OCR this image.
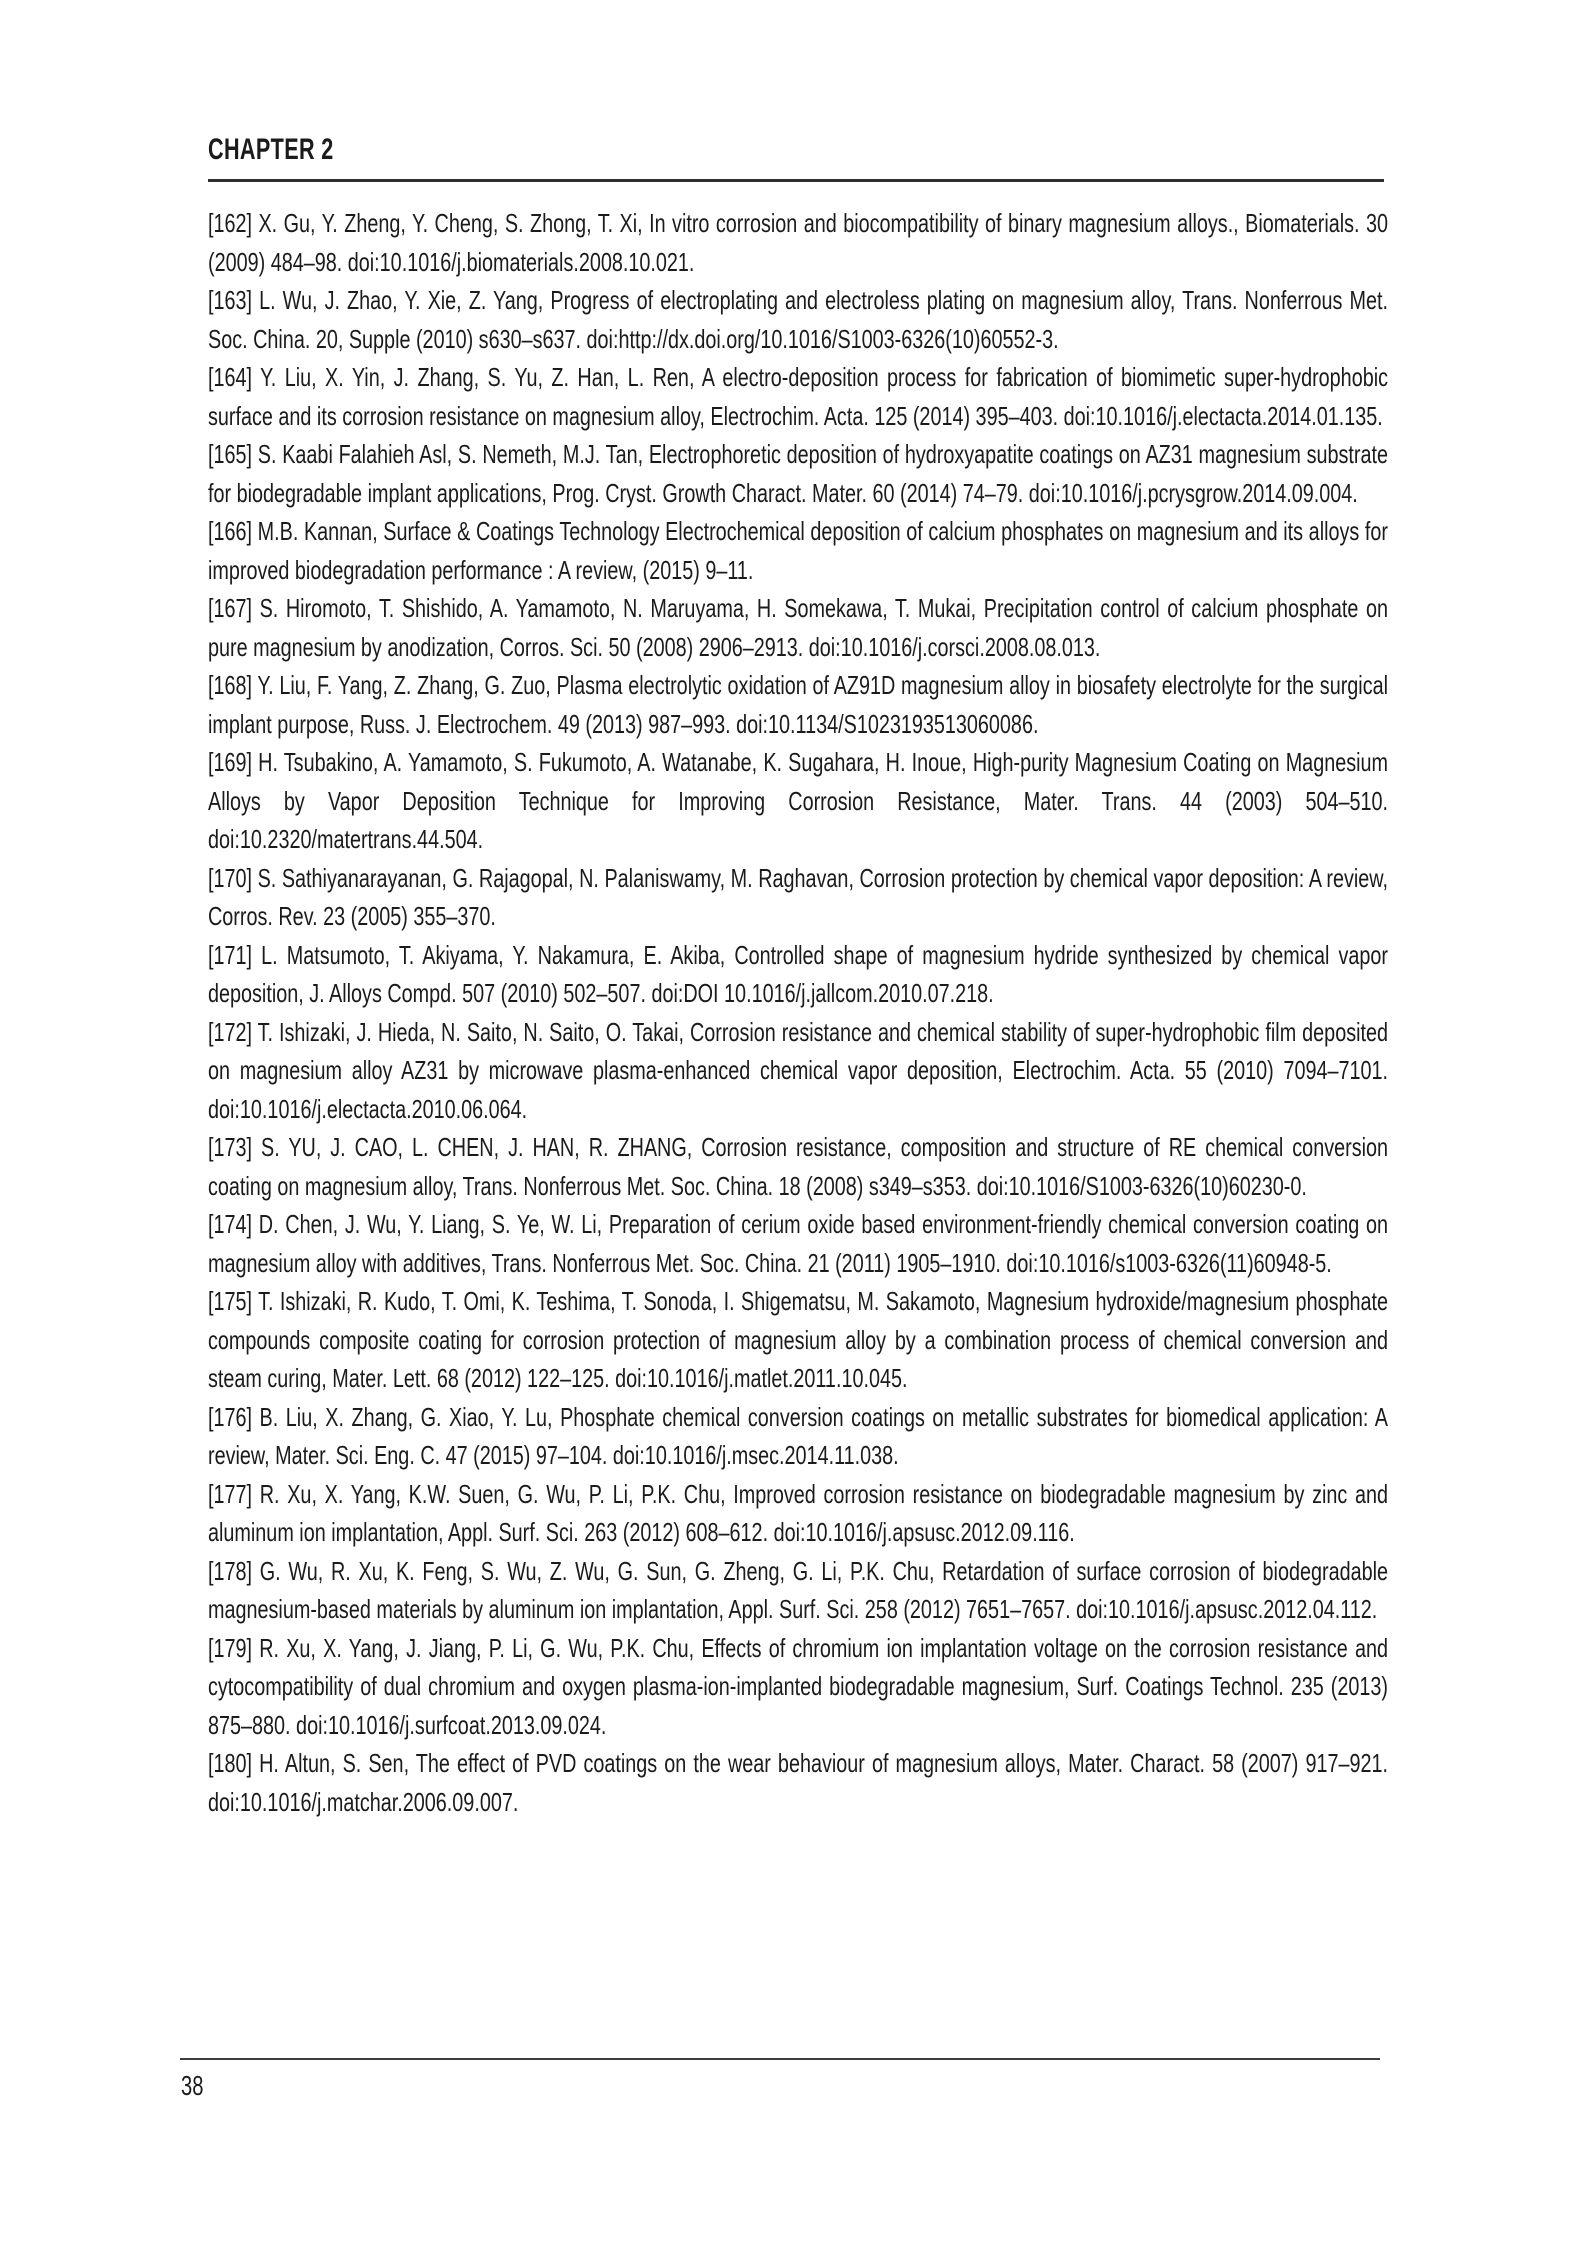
CHAPTER 2

[162] X. Gu, Y. Zheng, Y. Cheng, S. Zhong, T. Xi, In vitro corrosion and biocompatibility of binary magnesium alloys., Biomaterials. 30 (2009) 484–98. doi:10.1016/j.biomaterials.2008.10.021.

[163] L. Wu, J. Zhao, Y. Xie, Z. Yang, Progress of electroplating and electroless plating on magnesium alloy, Trans. Nonferrous Met. Soc. China. 20, Supple (2010) s630–s637. doi:http://dx.doi.org/10.1016/S1003-6326(10)60552-3.

[164] Y. Liu, X. Yin, J. Zhang, S. Yu, Z. Han, L. Ren, A electro-deposition process for fabrication of biomimetic super-hydrophobic surface and its corrosion resistance on magnesium alloy, Electrochim. Acta. 125 (2014) 395–403. doi:10.1016/j.electacta.2014.01.135.

[165] S. Kaabi Falahieh Asl, S. Nemeth, M.J. Tan, Electrophoretic deposition of hydroxyapatite coatings on AZ31 magnesium substrate for biodegradable implant applications, Prog. Cryst. Growth Charact. Mater. 60 (2014) 74–79. doi:10.1016/j.pcrysgrow.2014.09.004.

[166] M.B. Kannan, Surface & Coatings Technology Electrochemical deposition of calcium phosphates on magnesium and its alloys for improved biodegradation performance : A review, (2015) 9–11.

[167] S. Hiromoto, T. Shishido, A. Yamamoto, N. Maruyama, H. Somekawa, T. Mukai, Precipitation control of calcium phosphate on pure magnesium by anodization, Corros. Sci. 50 (2008) 2906–2913. doi:10.1016/j.corsci.2008.08.013.

[168] Y. Liu, F. Yang, Z. Zhang, G. Zuo, Plasma electrolytic oxidation of AZ91D magnesium alloy in biosafety electrolyte for the surgical implant purpose, Russ. J. Electrochem. 49 (2013) 987–993. doi:10.1134/S1023193513060086.

[169] H. Tsubakino, A. Yamamoto, S. Fukumoto, A. Watanabe, K. Sugahara, H. Inoue, High-purity Magnesium Coating on Magnesium Alloys by Vapor Deposition Technique for Improving Corrosion Resistance, Mater. Trans. 44 (2003) 504–510. doi:10.2320/matertrans.44.504.

[170] S. Sathiyanarayanan, G. Rajagopal, N. Palaniswamy, M. Raghavan, Corrosion protection by chemical vapor deposition: A review, Corros. Rev. 23 (2005) 355–370.

[171] L. Matsumoto, T. Akiyama, Y. Nakamura, E. Akiba, Controlled shape of magnesium hydride synthesized by chemical vapor deposition, J. Alloys Compd. 507 (2010) 502–507. doi:DOI 10.1016/j.jallcom.2010.07.218.

[172] T. Ishizaki, J. Hieda, N. Saito, N. Saito, O. Takai, Corrosion resistance and chemical stability of super-hydrophobic film deposited on magnesium alloy AZ31 by microwave plasma-enhanced chemical vapor deposition, Electrochim. Acta. 55 (2010) 7094–7101. doi:10.1016/j.electacta.2010.06.064.

[173] S. YU, J. CAO, L. CHEN, J. HAN, R. ZHANG, Corrosion resistance, composition and structure of RE chemical conversion coating on magnesium alloy, Trans. Nonferrous Met. Soc. China. 18 (2008) s349–s353. doi:10.1016/S1003-6326(10)60230-0.

[174] D. Chen, J. Wu, Y. Liang, S. Ye, W. Li, Preparation of cerium oxide based environment-friendly chemical conversion coating on magnesium alloy with additives, Trans. Nonferrous Met. Soc. China. 21 (2011) 1905–1910. doi:10.1016/s1003-6326(11)60948-5.

[175] T. Ishizaki, R. Kudo, T. Omi, K. Teshima, T. Sonoda, I. Shigematsu, M. Sakamoto, Magnesium hydroxide/magnesium phosphate compounds composite coating for corrosion protection of magnesium alloy by a combination process of chemical conversion and steam curing, Mater. Lett. 68 (2012) 122–125. doi:10.1016/j.matlet.2011.10.045.

[176] B. Liu, X. Zhang, G. Xiao, Y. Lu, Phosphate chemical conversion coatings on metallic substrates for biomedical application: A review, Mater. Sci. Eng. C. 47 (2015) 97–104. doi:10.1016/j.msec.2014.11.038.

[177] R. Xu, X. Yang, K.W. Suen, G. Wu, P. Li, P.K. Chu, Improved corrosion resistance on biodegradable magnesium by zinc and aluminum ion implantation, Appl. Surf. Sci. 263 (2012) 608–612. doi:10.1016/j.apsusc.2012.09.116.

[178] G. Wu, R. Xu, K. Feng, S. Wu, Z. Wu, G. Sun, G. Zheng, G. Li, P.K. Chu, Retardation of surface corrosion of biodegradable magnesium-based materials by aluminum ion implantation, Appl. Surf. Sci. 258 (2012) 7651–7657. doi:10.1016/j.apsusc.2012.04.112.

[179] R. Xu, X. Yang, J. Jiang, P. Li, G. Wu, P.K. Chu, Effects of chromium ion implantation voltage on the corrosion resistance and cytocompatibility of dual chromium and oxygen plasma-ion-implanted biodegradable magnesium, Surf. Coatings Technol. 235 (2013) 875–880. doi:10.1016/j.surfcoat.2013.09.024.

[180] H. Altun, S. Sen, The effect of PVD coatings on the wear behaviour of magnesium alloys, Mater. Charact. 58 (2007) 917–921. doi:10.1016/j.matchar.2006.09.007.

38
